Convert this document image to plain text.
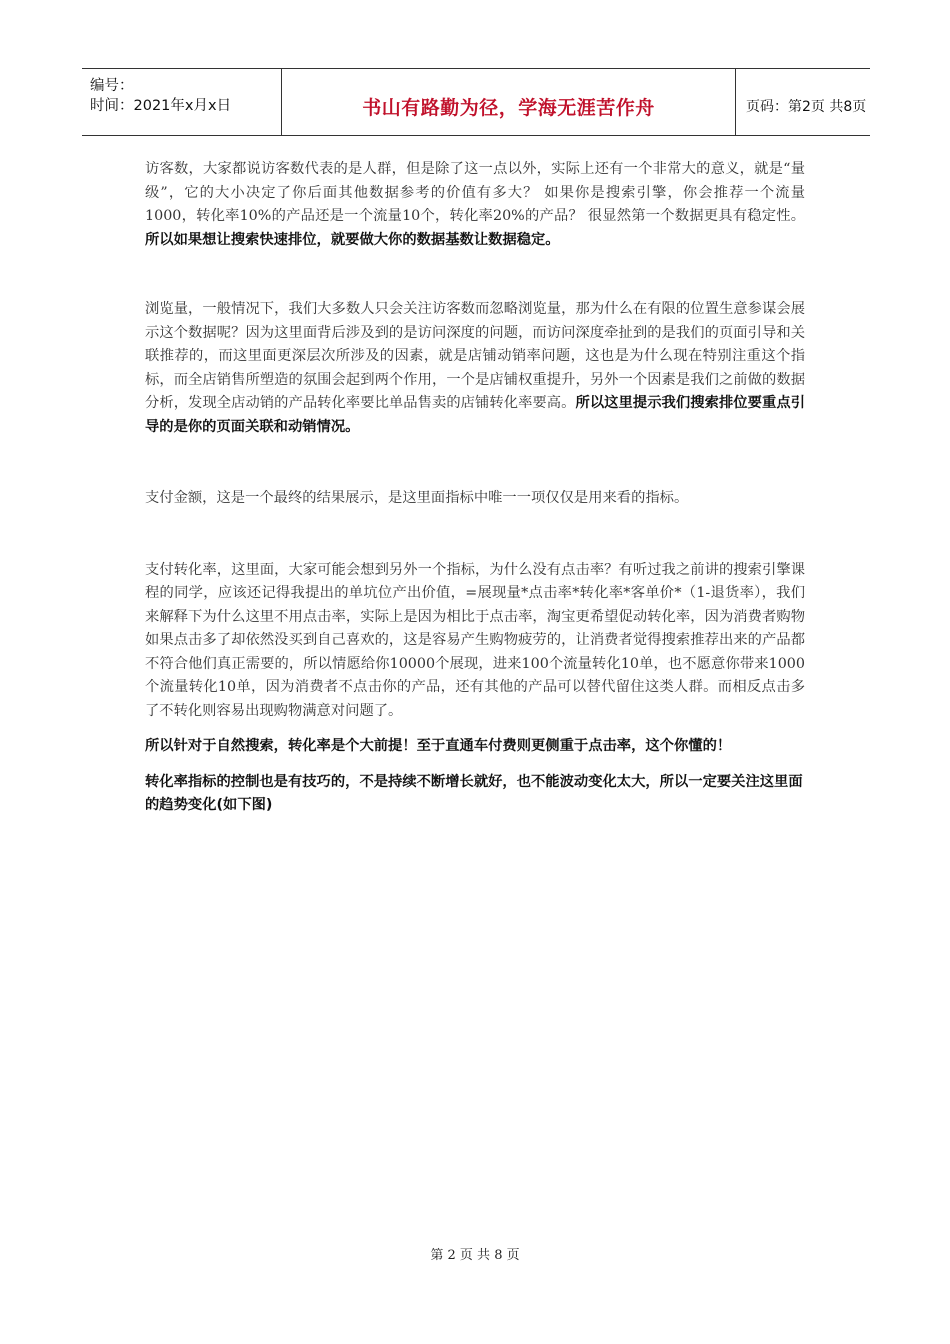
编号：
时间：2021年x月x日	书山有路勤为径，学海无涯苦作舟	页码：第2页 共8页

访客数，大家都说访客数代表的是人群，但是除了这一点以外，实际上还有一个非常大的意义，就是“量级”，它的大小决定了你后面其他数据参考的价值有多大？ 如果你是搜索引擎，你会推荐一个流量1000，转化率10%的产品还是一个流量10个，转化率20%的产品？ 很显然第一个数据更具有稳定性。所以如果想让搜索快速排位，就要做大你的数据基数让数据稳定。

浏览量，一般情况下，我们大多数人只会关注访客数而忽略浏览量，那为什么在有限的位置生意参谋会展示这个数据呢？因为这里面背后涉及到的是访问深度的问题，而访问深度牵扯到的是我们的页面引导和关联推荐的，而这里面更深层次所涉及的因素，就是店铺动销率问题，这也是为什么现在特别注重这个指标，而全店销售所塑造的氛围会起到两个作用，一个是店铺权重提升，另外一个因素是我们之前做的数据分析，发现全店动销的产品转化率要比单品售卖的店铺转化率要高。所以这里提示我们搜索排位要重点引导的是你的页面关联和动销情况。

支付金额，这是一个最终的结果展示，是这里面指标中唯一一项仅仅是用来看的指标。

支付转化率，这里面，大家可能会想到另外一个指标，为什么没有点击率？有听过我之前讲的搜索引擎课程的同学，应该还记得我提出的单坑位产出价值，=展现量*点击率*转化率*客单价*（1-退货率），我们来解释下为什么这里不用点击率，实际上是因为相比于点击率，淘宝更希望促动转化率，因为消费者购物如果点击多了却依然没买到自己喜欢的，这是容易产生购物疲劳的，让消费者觉得搜索推荐出来的产品都不符合他们真正需要的，所以情愿给你10000个展现，进来100个流量转化10单，也不愿意你带来1000个流量转化10单，因为消费者不点击你的产品，还有其他的产品可以替代留住这类人群。而相反点击多了不转化则容易出现购物满意对问题了。

所以针对于自然搜索，转化率是个大前提！至于直通车付费则更侧重于点击率，这个你懂的！

转化率指标的控制也是有技巧的，不是持续不断增长就好，也不能波动变化太大，所以一定要关注这里面的趋势变化(如下图)

第 2 页 共 8 页
